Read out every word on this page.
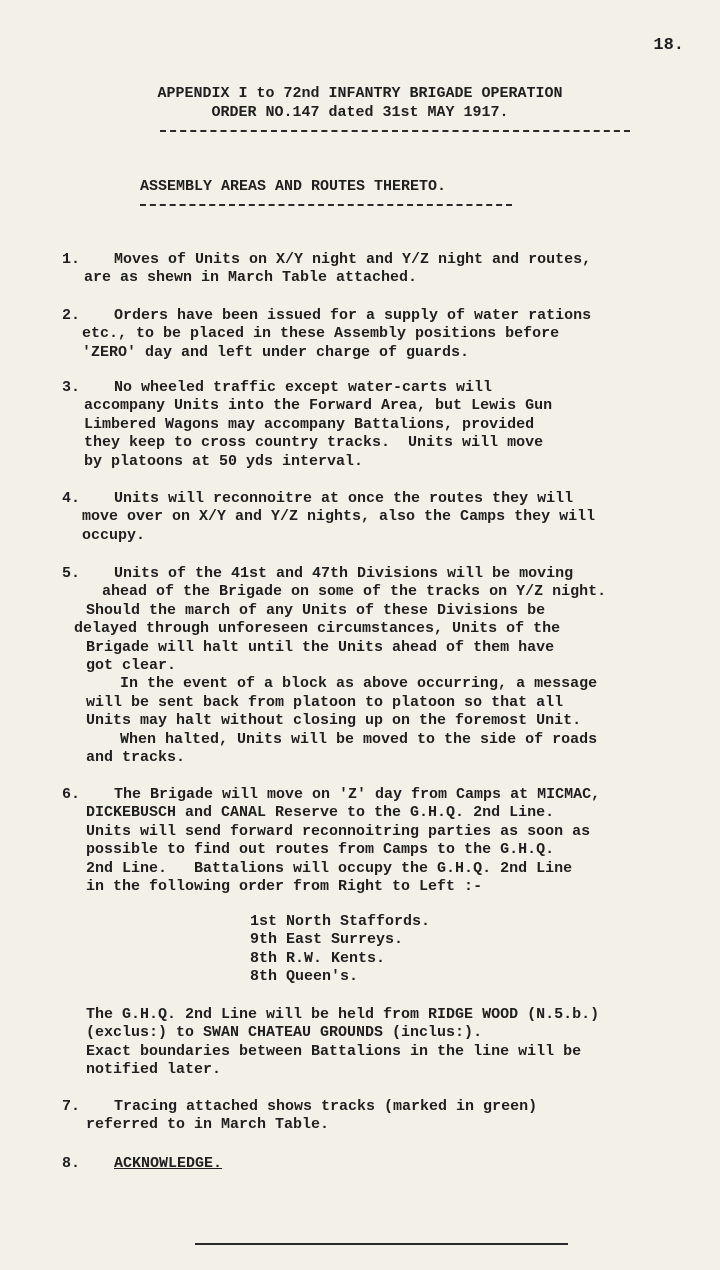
18.
APPENDIX I to 72nd INFANTRY BRIGADE OPERATION
ORDER NO.147 dated 31st MAY 1917.
ASSEMBLY AREAS AND ROUTES THERETO.
1. Moves of Units on X/Y night and Y/Z night and routes,
are as shewn in March Table attached.
2. Orders have been issued for a supply of water rations
etc., to be placed in these Assembly positions before
'ZERO' day and left under charge of guards.
3. No wheeled traffic except water-carts will
accompany Units into the Forward Area, but Lewis Gun
Limbered Wagons may accompany Battalions, provided
they keep to cross country tracks.  Units will move
by platoons at 50 yds interval.
4. Units will reconnoitre at once the routes they will
move over on X/Y and Y/Z nights, also the Camps they will
occupy.
5. Units of the 41st and 47th Divisions will be moving
ahead of the Brigade on some of the tracks on Y/Z night.
Should the march of any Units of these Divisions be
delayed through unforeseen circumstances, Units of the
Brigade will halt until the Units ahead of them have
got clear.
In the event of a block as above occurring, a message
will be sent back from platoon to platoon so that all
Units may halt without closing up on the foremost Unit.
When halted, Units will be moved to the side of roads
and tracks.
6. The Brigade will move on 'Z' day from Camps at MICMAC,
DICKEBUSCH and CANAL Reserve to the G.H.Q. 2nd Line.
Units will send forward reconnoitring parties as soon as
possible to find out routes from Camps to the G.H.Q.
2nd Line.   Battalions will occupy the G.H.Q. 2nd Line
in the following order from Right to Left :-
1st North Staffords.
9th East Surreys.
8th R.W. Kents.
8th Queen's.
The G.H.Q. 2nd Line will be held from RIDGE WOOD (N.5.b.)
(exclus:) to SWAN CHATEAU GROUNDS (inclus:).
Exact boundaries between Battalions in the line will be
notified later.
7. Tracing attached shows tracks (marked in green)
referred to in March Table.
8. ACKNOWLEDGE.
